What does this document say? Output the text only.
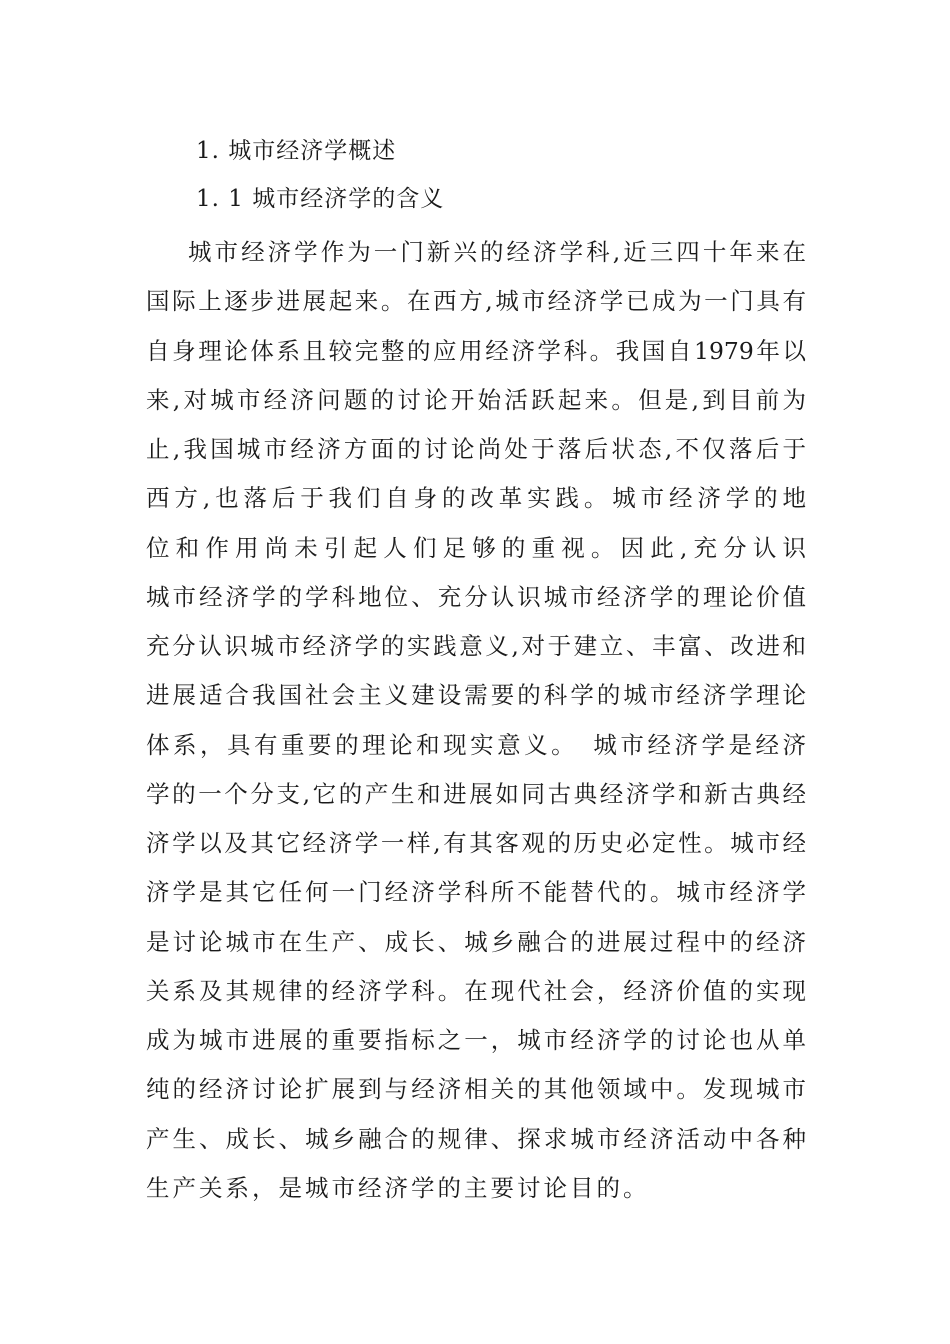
1. 城市经济学概述
1. 1 城市经济学的含义
城市经济学作为一门新兴的经济学科,近三四十年来在
国际上逐步进展起来。在西方,城市经济学已成为一门具有
自身理论体系且较完整的应用经济学科。我国自1979年以
来,对城市经济问题的讨论开始活跃起来。但是,到目前为
止,我国城市经济方面的讨论尚处于落后状态,不仅落后于
西方,也落后于我们自身的改革实践。城市经济学的地
位和作用尚未引起人们足够的重视。因此,充分认识
城市经济学的学科地位、充分认识城市经济学的理论价值
充分认识城市经济学的实践意义,对于建立、丰富、改进和
进展适合我国社会主义建设需要的科学的城市经济学理论
体系，具有重要的理论和现实意义。　城市经济学是经济
学的一个分支,它的产生和进展如同古典经济学和新古典经
济学以及其它经济学一样,有其客观的历史必定性。城市经
济学是其它任何一门经济学科所不能替代的。城市经济学
是讨论城市在生产、成长、城乡融合的进展过程中的经济
关系及其规律的经济学科。在现代社会，经济价值的实现
成为城市进展的重要指标之一，城市经济学的讨论也从单
纯的经济讨论扩展到与经济相关的其他领域中。发现城市
产生、成长、城乡融合的规律、探求城市经济活动中各种
生产关系，是城市经济学的主要讨论目的。
